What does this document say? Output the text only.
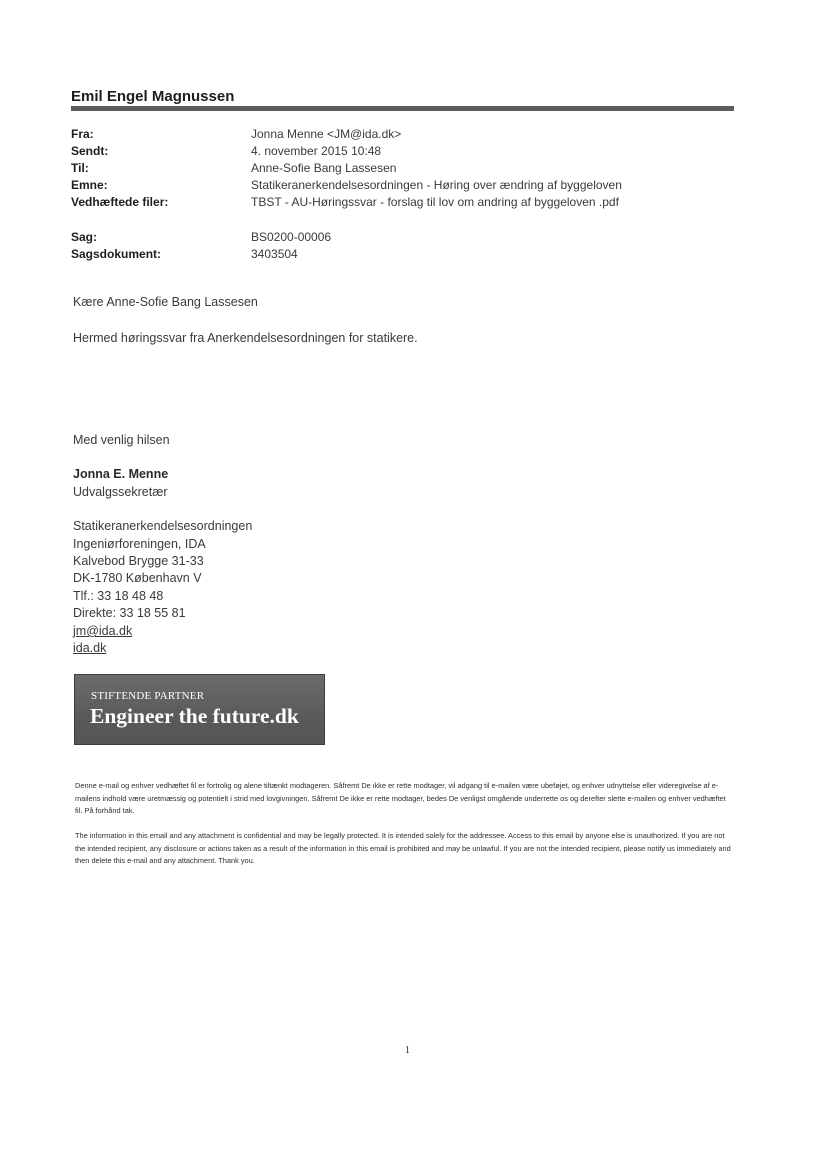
Emil Engel Magnussen
Fra:	Jonna Menne <JM@ida.dk>
Sendt:	4. november 2015 10:48
Til:	Anne-Sofie Bang Lassesen
Emne:	Statikeranerkendelsesordningen - Høring over ændring af byggeloven
Vedhæftede filer:	TBST - AU-Høringssvar - forslag til lov om andring af byggeloven .pdf
Sag:	BS0200-00006
Sagsdokument:	3403504
Kære Anne-Sofie Bang Lassesen
Hermed høringssvar fra Anerkendelsesordningen for statikere.
Med venlig hilsen
Jonna E. Menne
Udvalgssekretær
Statikeranerkendelsesordningen
Ingeniørforeningen, IDA
Kalvebod Brygge 31-33
DK-1780 København V
Tlf.: 33 18 48 48
Direkte: 33 18 55 81
jm@ida.dk
ida.dk
STIFTENDE PARTNER
Engineer the future.dk
Denne e-mail og enhver vedhæftet fil er fortrolig og alene tiltænkt modtageren. Såfremt De ikke er rette modtager, vil adgang til e-mailen være ubeføjet, og enhver udnyttelse eller videregivelse af e-mailens indhold være uretmæssig og potentielt i strid med lovgivningen. Såfremt De ikke er rette modtager, bedes De venligst omgående underrette os og derefter slette e-mailen og enhver vedhæftet fil. På forhånd tak.
The information in this email and any attachment is confidential and may be legally protected. It is intended solely for the addressee. Access to this email by anyone else is unauthorized. If you are not the intended recipient, any disclosure or actions taken as a result of the information in this email is prohibited and may be unlawful. If you are not the intended recipient, please notify us immediately and then delete this e-mail and any attachment. Thank you.
1
